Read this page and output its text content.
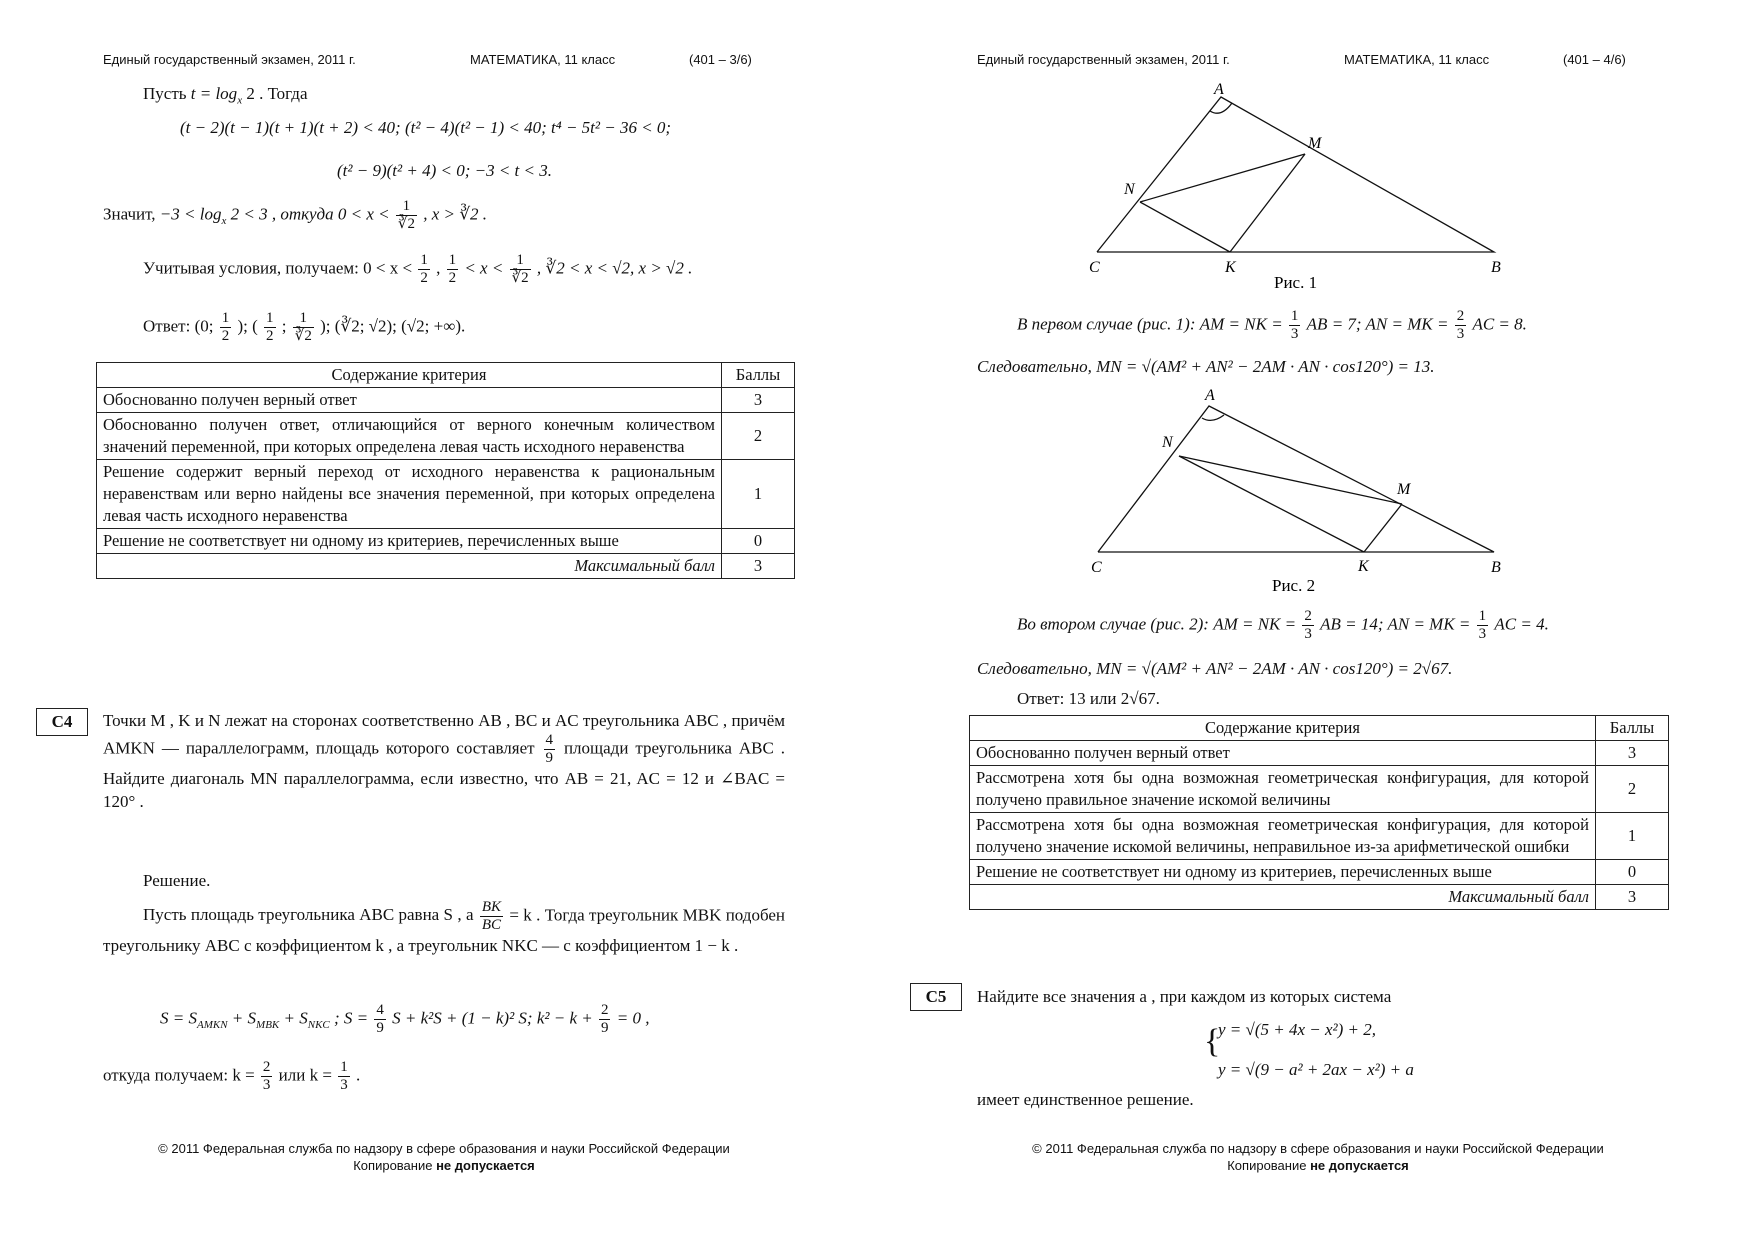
Единый государственный экзамен, 2011 г.	МАТЕМАТИКА, 11 класс	(401 – 3/6)
Пусть $t = \log_x 2$ . Тогда
(t − 2)(t − 1)(t + 1)(t + 2) < 40; (t² − 4)(t² − 1) < 40; t⁴ − 5t² − 36 < 0;
(t² − 9)(t² + 4) < 0; −3 < t < 3.
Значит, $-3 < \log_x 2 < 3$ , откуда $0 < x < \frac{1}{∛2}$ , x > ∛2 .
Учитывая условия, получаем: $0 < x < \frac{1}{2}$ , $\frac{1}{2} < x < \frac{1}{∛2}$ , ∛2 < x < √2, x > √2 .
Ответ: (0; $\frac{1}{2}$ ); ( $\frac{1}{2}$ ; $\frac{1}{∛2}$ ); (∛2; √2); (√2; +∞).
Содержание критерия	Баллы
Обоснованно получен верный ответ	3
Обоснованно получен ответ, отличающийся от верного конечным количеством значений переменной, при которых определена левая часть исходного неравенства	2
Решение содержит верный переход от исходного неравенства к рациональным неравенствам или верно найдены все значения переменной, при которых определена левая часть исходного неравенства	1
Решение не соответствует ни одному из критериев, перечисленных выше	0
Максимальный балл	3
C4	Точки M , K и N лежат на сторонах соответственно AB , BC и AC треугольника ABC , причём AMKN — параллелограмм, площадь которого составляет $\frac{4}{9}$ площади треугольника ABC . Найдите диагональ MN параллелограмма, если известно, что AB = 21, AC = 12 и ∠BAC = 120° .
Решение.
Пусть площадь треугольника ABC равна S , а $\frac{BK}{BC} = k$ . Тогда треугольник MBK подобен треугольнику ABC с коэффициентом k , а треугольник NKC — с коэффициентом 1 − k .
$S = S_{AMKN} + S_{MBK} + S_{NKC}$ ; $S = \frac{4}{9}$ S + k²S + (1 − k)² S; $k^2 - k + \frac{2}{9} = 0$ ,
откуда получаем: $k = \frac{2}{3}$ или $k = \frac{1}{3}$ .
© 2011 Федеральная служба по надзору в сфере образования и науки Российской Федерации
Копирование не допускается
Единый государственный экзамен, 2011 г.	МАТЕМАТИКА, 11 класс	(401 – 4/6)
A
M
N
C	K	B
Рис. 1
В первом случае (рис. 1): AM = NK = $\frac{1}{3}$ AB = 7; AN = MK = $\frac{2}{3}$ AC = 8.
Следовательно, MN = √(AM² + AN² − 2AM · AN · cos120°) = 13.
A
M
N
C	K	B
Рис. 2
Во втором случае (рис. 2): AM = NK = $\frac{2}{3}$ AB = 14; AN = MK = $\frac{1}{3}$ AC = 4.
Следовательно, MN = √(AM² + AN² − 2AM · AN · cos120°) = 2√67.
Ответ: 13 или 2√67.
Содержание критерия	Баллы
Обоснованно получен верный ответ	3
Рассмотрена хотя бы одна возможная геометрическая конфигурация, для которой получено правильное значение искомой величины	2
Рассмотрена хотя бы одна возможная геометрическая конфигурация, для которой получено значение искомой величины, неправильное из-за арифметической ошибки	1
Решение не соответствует ни одному из критериев, перечисленных выше	0
Максимальный балл	3
C5	Найдите все значения a , при каждом из которых система
{
y = √(5 + 4x − x²) + 2,
y = √(9 − a² + 2ax − x²) + a
имеет единственное решение.
© 2011 Федеральная служба по надзору в сфере образования и науки Российской Федерации
Копирование не допускается
